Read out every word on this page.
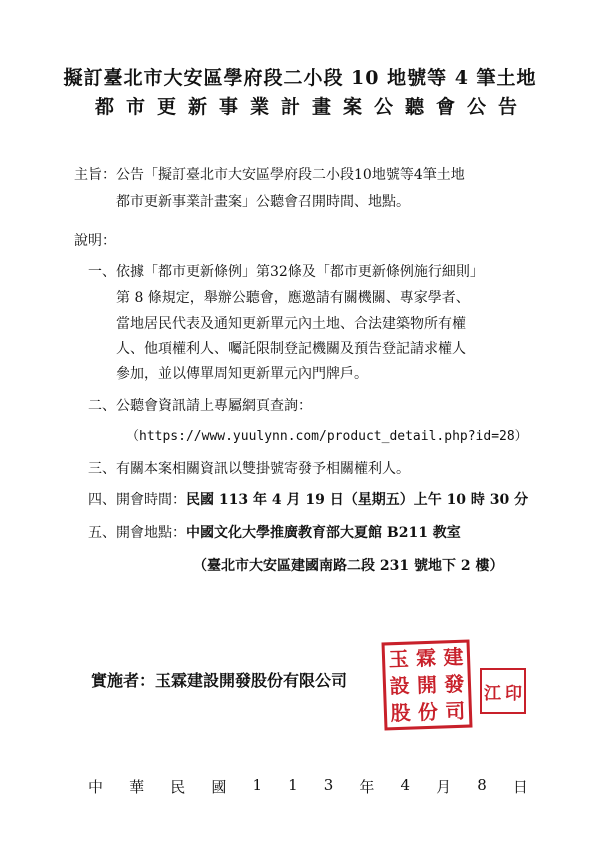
擬訂臺北市大安區學府段二小段 10 地號等 4 筆土地
都市更新事業計畫案公聽會公告
主旨：公告「擬訂臺北市大安區學府段二小段10地號等4筆土地
都市更新事業計畫案」公聽會召開時間、地點。
說明：
一、依據「都市更新條例」第32條及「都市更新條例施行細則」
第 8 條規定，舉辦公聽會，應邀請有關機關、專家學者、
當地居民代表及通知更新單元內土地、合法建築物所有權
人、他項權利人、囑託限制登記機關及預告登記請求權人
參加，並以傳單周知更新單元內門牌戶。
二、公聽會資訊請上專屬網頁查詢：
（https://www.yuulynn.com/product_detail.php?id=28）
三、有關本案相關資訊以雙掛號寄發予相關權利人。
四、開會時間：民國 113 年 4 月 19 日（星期五）上午 10 時 30 分
五、開會地點：中國文化大學推廣教育部大夏館 B211 教室
（臺北市大安區建國南路二段 231 號地下 2 樓）
實施者：玉霖建設開發股份有限公司
玉 霖 建
設 開 發
股 份 司
江 印
中 華 民 國 1 1 3 年 4 月 8 日
